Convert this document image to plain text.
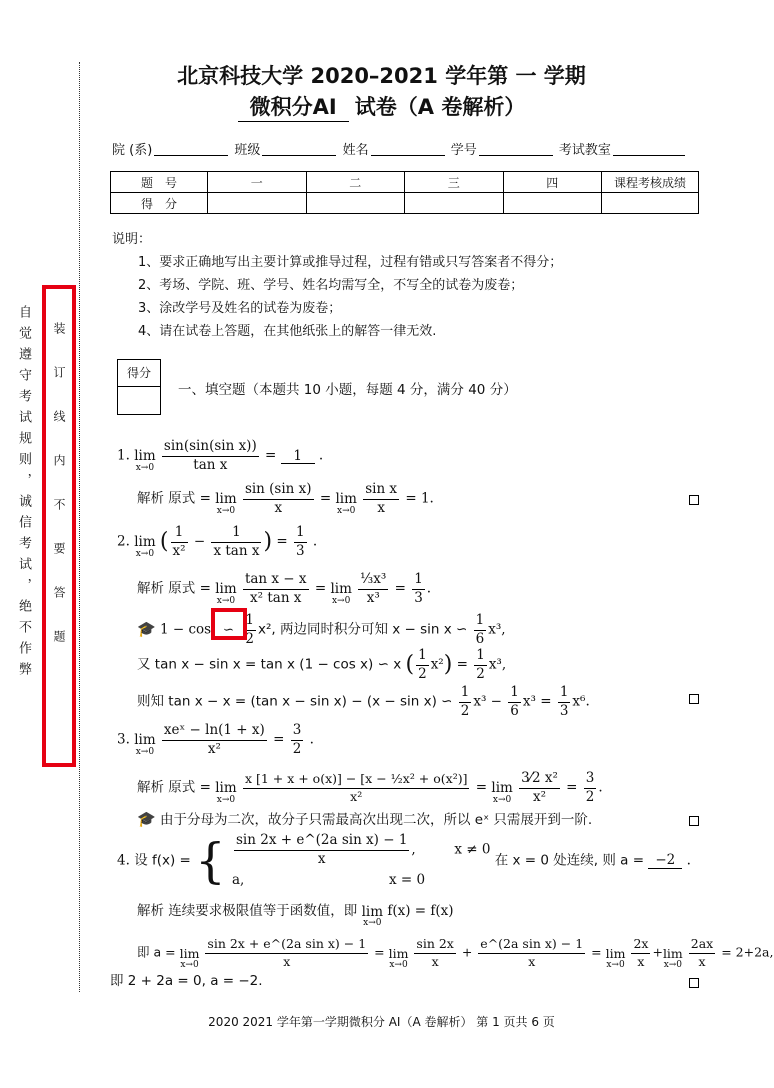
自觉遵守考试规则，诚信考试，绝不作弊 装订线内不要答题
北京科技大学 2020–2021 学年第 一 学期
微积分AⅠ 试卷（A 卷解析）
院 (系)	班级	姓名	学号	考试教室
题　号	一	二	三	四	课程考核成绩
得　分					
说明：
1、要求正确地写出主要计算或推导过程，过程有错或只写答案者不得分；
2、考场、学院、班、学号、姓名均需写全，不写全的试卷为废卷；
3、涂改学号及姓名的试卷为废卷；
4、请在试卷上答题，在其他纸张上的解答一律无效.
得分
一、填空题（本题共 10 小题，每题 4 分，满分 40 分）
1. lim
x→0
$\frac{\text{sin(sin(sin x))}}{\text{tan x}} = 1$ .
解析 原式 = lim
x→0
$\frac{\text{sin (sin x)}}{x} = \lim$
x→0
$\frac{\text{sin x}}{x} = 1$.
2. lim
x→0 ( $\frac{1}{\text{x²}} - \frac{1}{\text{x tan x}}$ ) = $\frac{1}{3}$ .
解析 原式 = lim
x→0
$\frac{\text{tan x − x}}{\text{x² tan x}} = \lim$
x→0
$\frac{\text{⅓x³}}{\text{x³}} = \frac{1}{3}$ .
🎓 1 − cos ∽ $\frac{1}{2} x^2$, 两边同时积分可知 x − sin x ∽ $\frac{1}{6} x^3$,
又 tan x − sin x = tan x (1 − cos x) ∽ x ( $\frac{1}{2} x^2) = \frac{1}{2} x^3$,
则知 tan x − x = (tan x − sin x) − (x − sin x) ∽ $\frac{1}{2} x^3 - \frac{1}{6} x^3 = \frac{1}{3} x^6$.
3. lim
x→0
$\frac{\text{xeˣ − ln(1 + x)}}{\text{x²}} = \frac{3}{2}$ .
解析 原式 = lim
x→0
$\frac{\text{x [1 + x + o(x)] − [x − ½x² + o(x²)]}}{\text{x²}} = \lim$
x→0
$\frac{\text{3⁄2 x²}}{\text{x²}} = \frac{3}{2}$ .
🎓 由于分母为二次，故分子只需最高次出现二次，所以 eˣ 只需展开到一阶.
4. 设 f(x) = { $\frac{\text{sin 2x + e\textasciicircum{}(2a sin x) − 1}}{x}$ ,	x ≠ 0
a,	x = 0
在 x = 0 处连续, 则 a = −2 .
解析 连续要求极限值等于函数值，即 lim
x→0
f(x) = f(x)
即 a = lim
x→0
$\frac{\text{sin 2x + e\textasciicircum{}(2a sin x) − 1}}{x} = \lim$
x→0
$\frac{\sin 2x}{x} + \frac{\text{e\textasciicircum{}(2a sin x) − 1}}{x} = \lim$
x→0
$\frac{2x}{x} +\lim$
x→0
$\frac{2ax}{x} = 2+2a$,
即 2 + 2a = 0, a = −2.
2020 2021 学年第一学期微积分 AI（A 卷解析） 第 1 页共 6 页
